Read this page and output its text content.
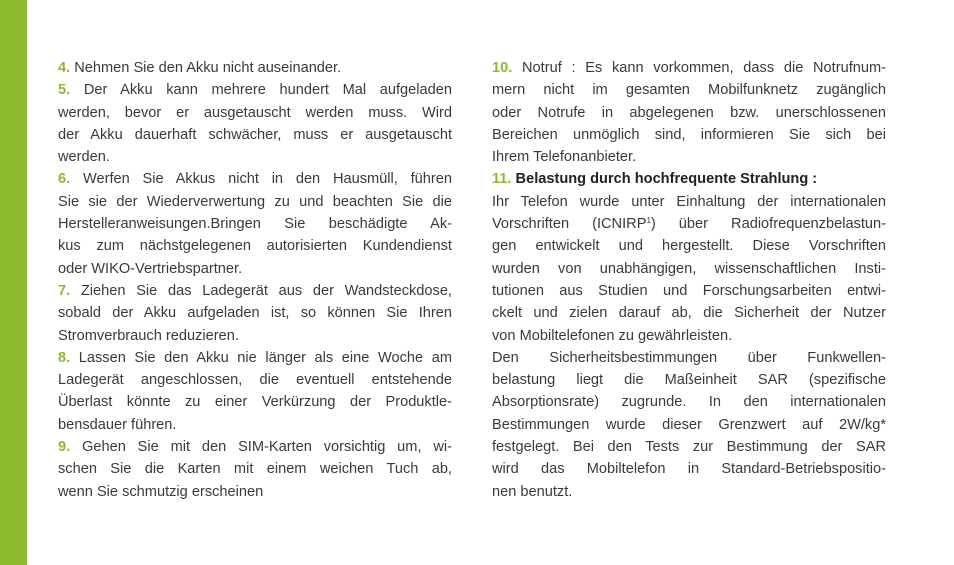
4. Nehmen Sie den Akku nicht auseinander.
5. Der Akku kann mehrere hundert Mal aufgeladen
werden, bevor er ausgetauscht werden muss. Wird
der Akku dauerhaft schwächer, muss er ausgetauscht
werden.
6. Werfen Sie Akkus nicht in den Hausmüll, führen
Sie sie der Wiederverwertung zu und beachten Sie die
Herstelleranweisungen.Bringen Sie beschädigte Ak-
kus zum nächstgelegenen autorisierten Kundendienst
oder WIKO-Vertriebspartner.
7. Ziehen Sie das Ladegerät aus der Wandsteckdose,
sobald der Akku aufgeladen ist, so können Sie Ihren
Stromverbrauch reduzieren.
8. Lassen Sie den Akku nie länger als eine Woche am
Ladegerät angeschlossen, die eventuell entstehende
Überlast könnte zu einer Verkürzung der Produktle-
bensdauer führen.
9. Gehen Sie mit den SIM-Karten vorsichtig um, wi-
schen Sie die Karten mit einem weichen Tuch ab,
wenn Sie schmutzig erscheinen
10. Notruf : Es kann vorkommen, dass die Notrufnum-
mern nicht im gesamten Mobilfunknetz zugänglich
oder Notrufe in abgelegenen bzw. unerschlossenen
Bereichen unmöglich sind, informieren Sie sich bei
Ihrem Telefonanbieter.
11. Belastung durch hochfrequente Strahlung :
Ihr Telefon wurde unter Einhaltung der internationalen
Vorschriften (ICNIRP$^1$) über Radiofrequenzbelastun-
gen entwickelt und hergestellt. Diese Vorschriften
wurden von unabhängigen, wissenschaftlichen Insti-
tutionen aus Studien und Forschungsarbeiten entwi-
ckelt und zielen darauf ab, die Sicherheit der Nutzer
von Mobiltelefonen zu gewährleisten.
Den Sicherheitsbestimmungen über Funkwellen-
belastung liegt die Maßeinheit SAR (spezifische
Absorptionsrate) zugrunde. In den internationalen
Bestimmungen wurde dieser Grenzwert auf 2W/kg*
festgelegt. Bei den Tests zur Bestimmung der SAR
wird das Mobiltelefon in Standard-Betriebspositio-
nen benutzt.
